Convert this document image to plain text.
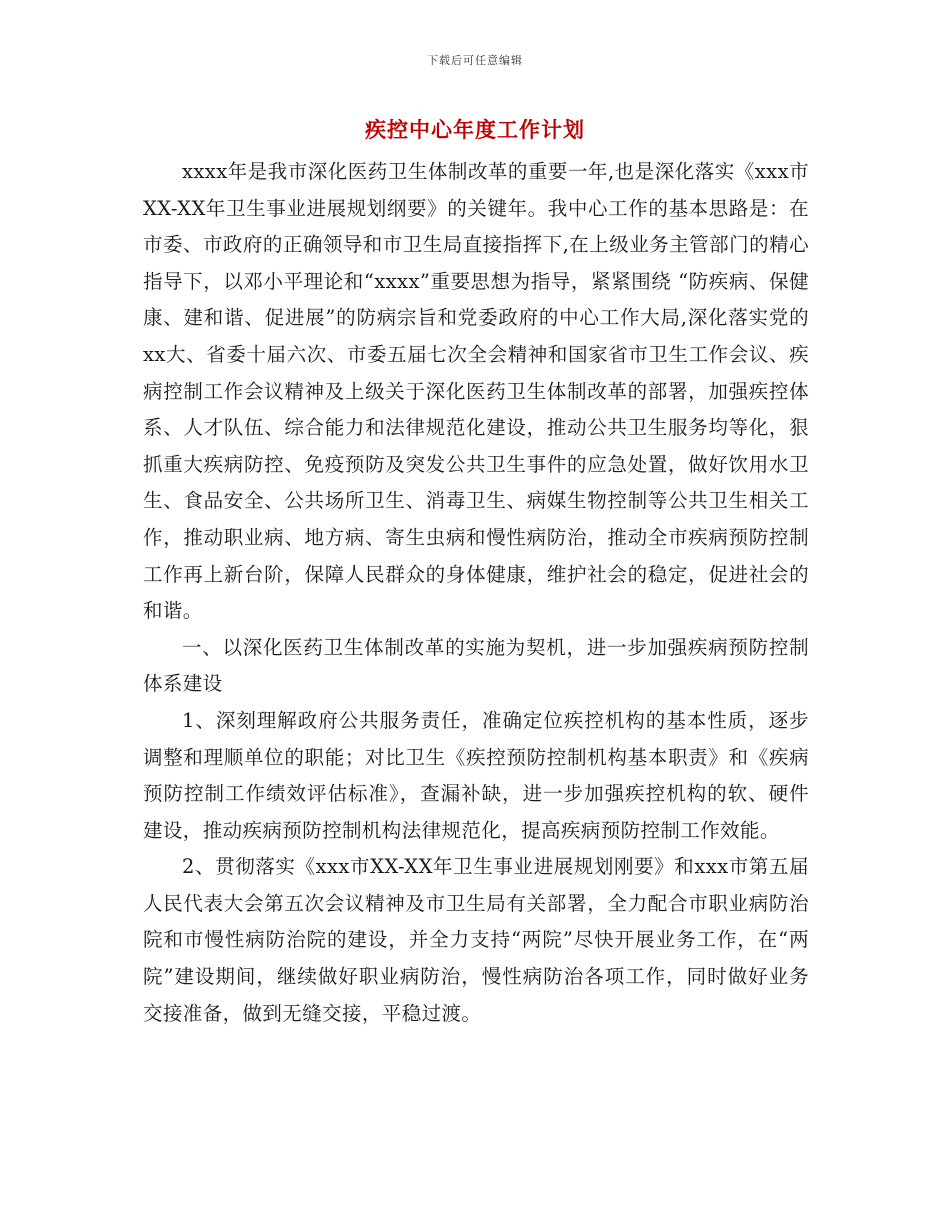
下载后可任意编辑
疾控中心年度工作计划

xxxx年是我市深化医药卫生体制改革的重要一年,也是深化落实《xxx市XX-XX年卫生事业进展规划纲要》的关键年。我中心工作的基本思路是：在市委、市政府的正确领导和市卫生局直接指挥下,在上级业务主管部门的精心指导下，以邓小平理论和“xxxx”重要思想为指导，紧紧围绕 “防疾病、保健康、建和谐、促进展”的防病宗旨和党委政府的中心工作大局,深化落实党的xx大、省委十届六次、市委五届七次全会精神和国家省市卫生工作会议、疾病控制工作会议精神及上级关于深化医药卫生体制改革的部署，加强疾控体系、人才队伍、综合能力和法律规范化建设，推动公共卫生服务均等化，狠抓重大疾病防控、免疫预防及突发公共卫生事件的应急处置，做好饮用水卫生、食品安全、公共场所卫生、消毒卫生、病媒生物控制等公共卫生相关工作，推动职业病、地方病、寄生虫病和慢性病防治，推动全市疾病预防控制工作再上新台阶，保障人民群众的身体健康，维护社会的稳定，促进社会的和谐。

一、以深化医药卫生体制改革的实施为契机，进一步加强疾病预防控制体系建设

1、深刻理解政府公共服务责任，准确定位疾控机构的基本性质，逐步调整和理顺单位的职能；对比卫生《疾控预防控制机构基本职责》和《疾病预防控制工作绩效评估标准》，查漏补缺，进一步加强疾控机构的软、硬件建设，推动疾病预防控制机构法律规范化，提高疾病预防控制工作效能。

2、贯彻落实《xxx市XX-XX年卫生事业进展规划刚要》和xxx市第五届人民代表大会第五次会议精神及市卫生局有关部署，全力配合市职业病防治院和市慢性病防治院的建设，并全力支持“两院”尽快开展业务工作，在“两院”建设期间，继续做好职业病防治，慢性病防治各项工作，同时做好业务交接准备，做到无缝交接，平稳过渡。
